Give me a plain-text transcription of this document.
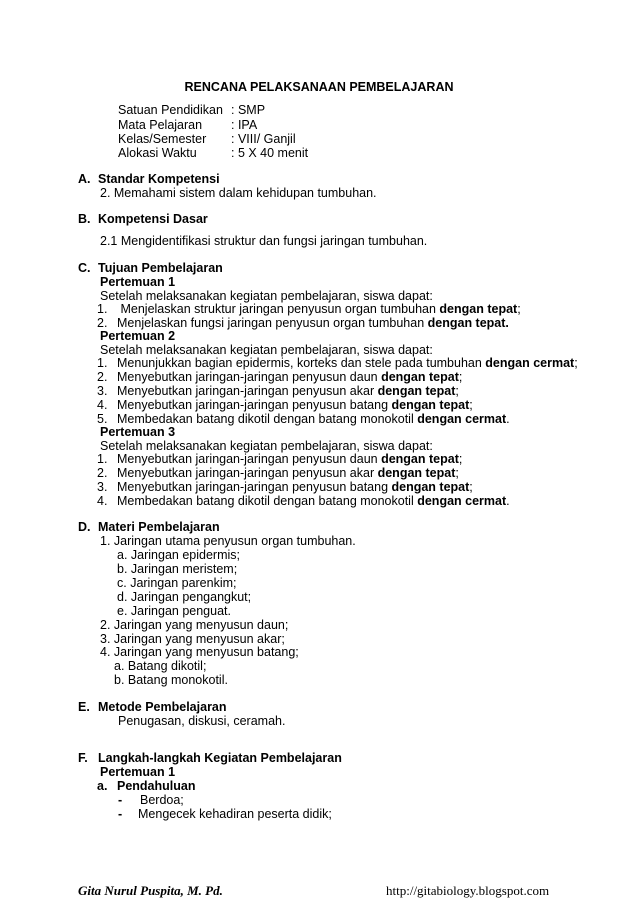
RENCANA PELAKSANAAN PEMBELAJARAN
Satuan Pendidikan : SMP
Mata Pelajaran : IPA
Kelas/Semester : VIII/ Ganjil
Alokasi Waktu	: 5 X 40 menit
A. Standar Kompetensi
2. Memahami sistem dalam kehidupan tumbuhan.
B. Kompetensi Dasar
2.1 Mengidentifikasi struktur dan fungsi jaringan tumbuhan.
C. Tujuan Pembelajaran
Pertemuan 1
Setelah melaksanakan kegiatan pembelajaran, siswa dapat:
1. Menjelaskan struktur jaringan penyusun organ tumbuhan dengan tepat;
2. Menjelaskan fungsi jaringan penyusun organ tumbuhan dengan tepat.
Pertemuan 2
Setelah melaksanakan kegiatan pembelajaran, siswa dapat:
1. Menunjukkan bagian epidermis, korteks dan stele pada tumbuhan dengan cermat;
2. Menyebutkan jaringan-jaringan penyusun daun dengan tepat;
3. Menyebutkan jaringan-jaringan penyusun akar dengan tepat;
4. Menyebutkan jaringan-jaringan penyusun batang dengan tepat;
5. Membedakan batang dikotil dengan batang monokotil dengan cermat.
Pertemuan 3
Setelah melaksanakan kegiatan pembelajaran, siswa dapat:
1. Menyebutkan jaringan-jaringan penyusun daun dengan tepat;
2. Menyebutkan jaringan-jaringan penyusun akar dengan tepat;
3. Menyebutkan jaringan-jaringan penyusun batang dengan tepat;
4. Membedakan batang dikotil dengan batang monokotil dengan cermat.
D. Materi Pembelajaran
1. Jaringan utama penyusun organ tumbuhan.
a. Jaringan epidermis;
b. Jaringan meristem;
c. Jaringan parenkim;
d. Jaringan pengangkut;
e. Jaringan penguat.
2. Jaringan yang menyusun daun;
3. Jaringan yang menyusun akar;
4. Jaringan yang menyusun batang;
a. Batang dikotil;
b. Batang monokotil.
E. Metode Pembelajaran
Penugasan, diskusi, ceramah.
F. Langkah-langkah Kegiatan Pembelajaran
Pertemuan 1
a. Pendahuluan
- Berdoa;
- Mengecek kehadiran peserta didik;
Gita Nurul Puspita, M. Pd.	http://gitabiology.blogspot.com
